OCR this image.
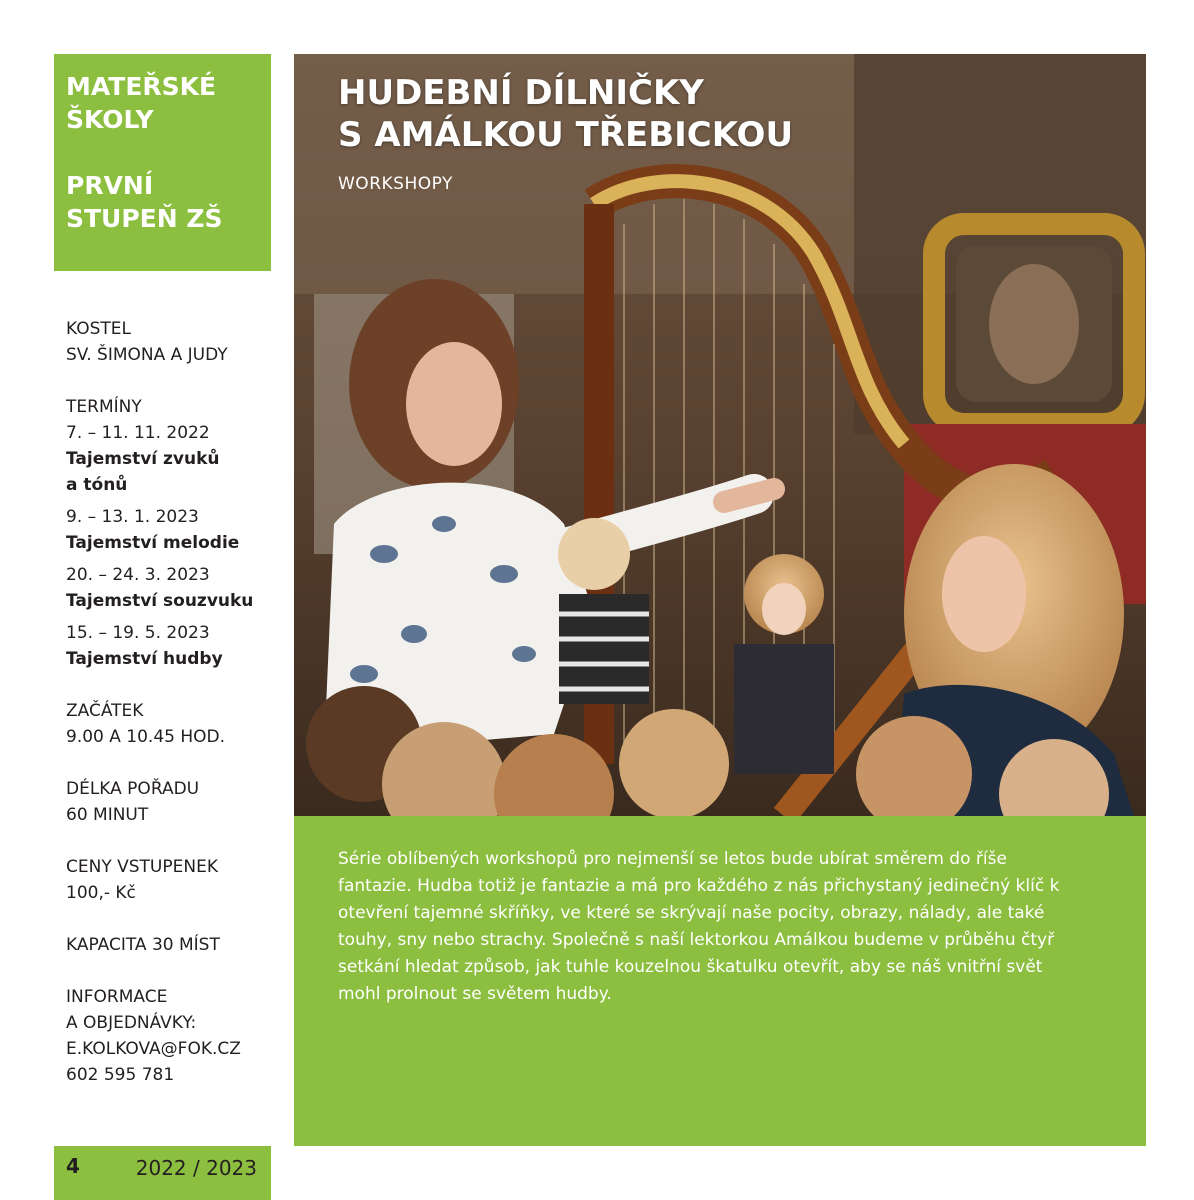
MATEŘSKÉ
ŠKOLY

PRVNÍ
STUPEŇ ZŠ

KOSTEL
SV. ŠIMONA A JUDY
TERMÍNY
7. – 11. 11. 2022
Tajemství zvuků
a tónů
9. – 13. 1. 2023
Tajemství melodie
20. – 24. 3. 2023
Tajemství souzvuku
15. – 19. 5. 2023
Tajemství hudby
ZAČÁTEK
9.00 A 10.45 HOD.
DÉLKA POŘADU
60 MINUT
CENY VSTUPENEK
100,- Kč
KAPACITA 30 MÍST
INFORMACE
A OBJEDNÁVKY:
E.KOLKOVA@FOK.CZ
602 595 781
4	2022 / 2023
HUDEBNÍ DÍLNIČKY
S AMÁLKOU TŘEBICKOU
WORKSHOPY

Série oblíbených workshopů pro nejmenší se letos bude ubírat směrem do říše fantazie. Hudba totiž je fantazie a má pro každého z nás přichystaný jedinečný klíč k otevření tajemné skříňky, ve které se skrývají naše pocity, obrazy, nálady, ale také touhy, sny nebo strachy. Společně s naší lektorkou Amálkou budeme v průběhu čtyř setkání hledat způsob, jak tuhle kouzelnou škatulku otevřít, aby se náš vnitřní svět mohl prolnout se světem hudby.
